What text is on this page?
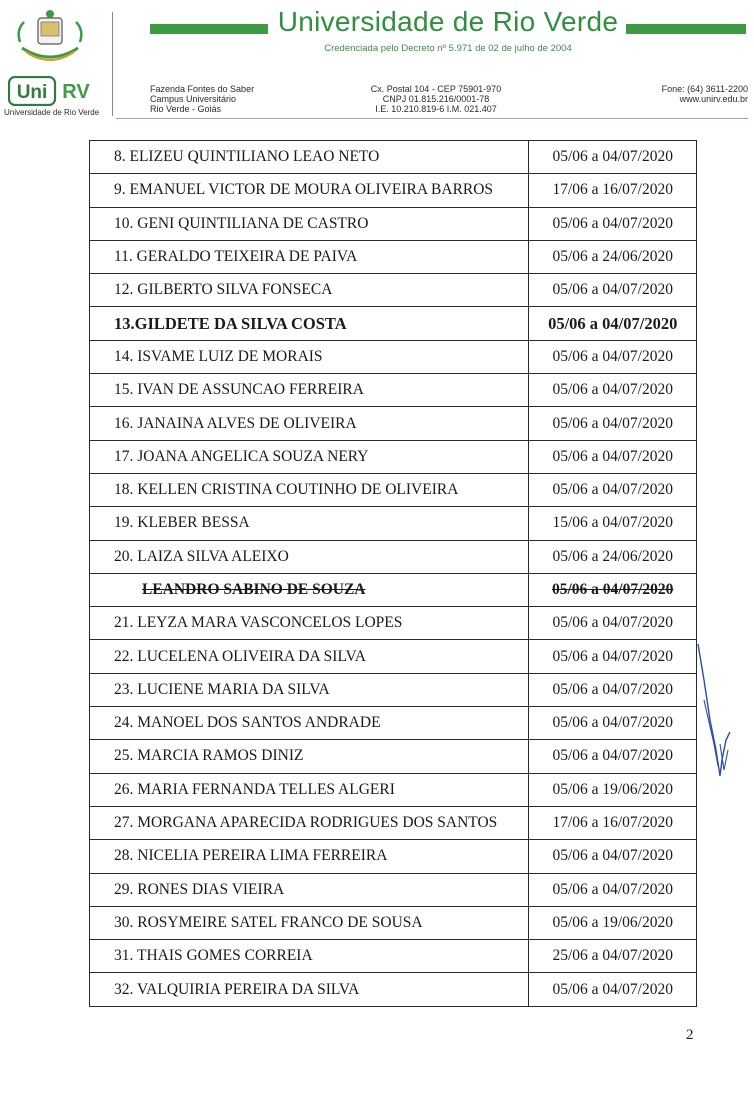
Uni RV
Universidade de Rio Verde
Universidade de Rio Verde
Credenciada pelo Decreto nº 5.971 de 02 de julho de 2004
Fazenda Fontes do Saber
Campus Universitário
Rio Verde - Goiás
Cx. Postal 104 - CEP 75901-970
CNPJ 01.815.216/0001-78
I.E. 10.210.819-6 I.M. 021.407
Fone: (64) 3611-2200
www.unirv.edu.br
8. ELIZEU QUINTILIANO LEAO NETO	05/06 a 04/07/2020
9. EMANUEL VICTOR DE MOURA OLIVEIRA BARROS	17/06 a 16/07/2020
10. GENI QUINTILIANA DE CASTRO	05/06 a 04/07/2020
11. GERALDO TEIXEIRA DE PAIVA	05/06 a 24/06/2020
12. GILBERTO SILVA FONSECA	05/06 a 04/07/2020
13.GILDETE DA SILVA COSTA	05/06 a 04/07/2020
14. ISVAME LUIZ DE MORAIS	05/06 a 04/07/2020
15. IVAN DE ASSUNCAO FERREIRA	05/06 a 04/07/2020
16. JANAINA ALVES DE OLIVEIRA	05/06 a 04/07/2020
17. JOANA ANGELICA SOUZA NERY	05/06 a 04/07/2020
18. KELLEN CRISTINA COUTINHO DE OLIVEIRA	05/06 a 04/07/2020
19. KLEBER BESSA	15/06 a 04/07/2020
20. LAIZA SILVA ALEIXO	05/06 a 24/06/2020
LEANDRO SABINO DE SOUZA	05/06 a 04/07/2020
21. LEYZA MARA VASCONCELOS LOPES	05/06 a 04/07/2020
22. LUCELENA OLIVEIRA DA SILVA	05/06 a 04/07/2020
23. LUCIENE MARIA DA SILVA	05/06 a 04/07/2020
24. MANOEL DOS SANTOS ANDRADE	05/06 a 04/07/2020
25. MARCIA RAMOS DINIZ	05/06 a 04/07/2020
26. MARIA FERNANDA TELLES ALGERI	05/06 a 19/06/2020
27. MORGANA APARECIDA RODRIGUES DOS SANTOS	17/06 a 16/07/2020
28. NICELIA PEREIRA LIMA FERREIRA	05/06 a 04/07/2020
29. RONES DIAS VIEIRA	05/06 a 04/07/2020
30. ROSYMEIRE SATEL FRANCO DE SOUSA	05/06 a 19/06/2020
31. THAIS GOMES CORREIA	25/06 a 04/07/2020
32. VALQUIRIA PEREIRA DA SILVA	05/06 a 04/07/2020
2
